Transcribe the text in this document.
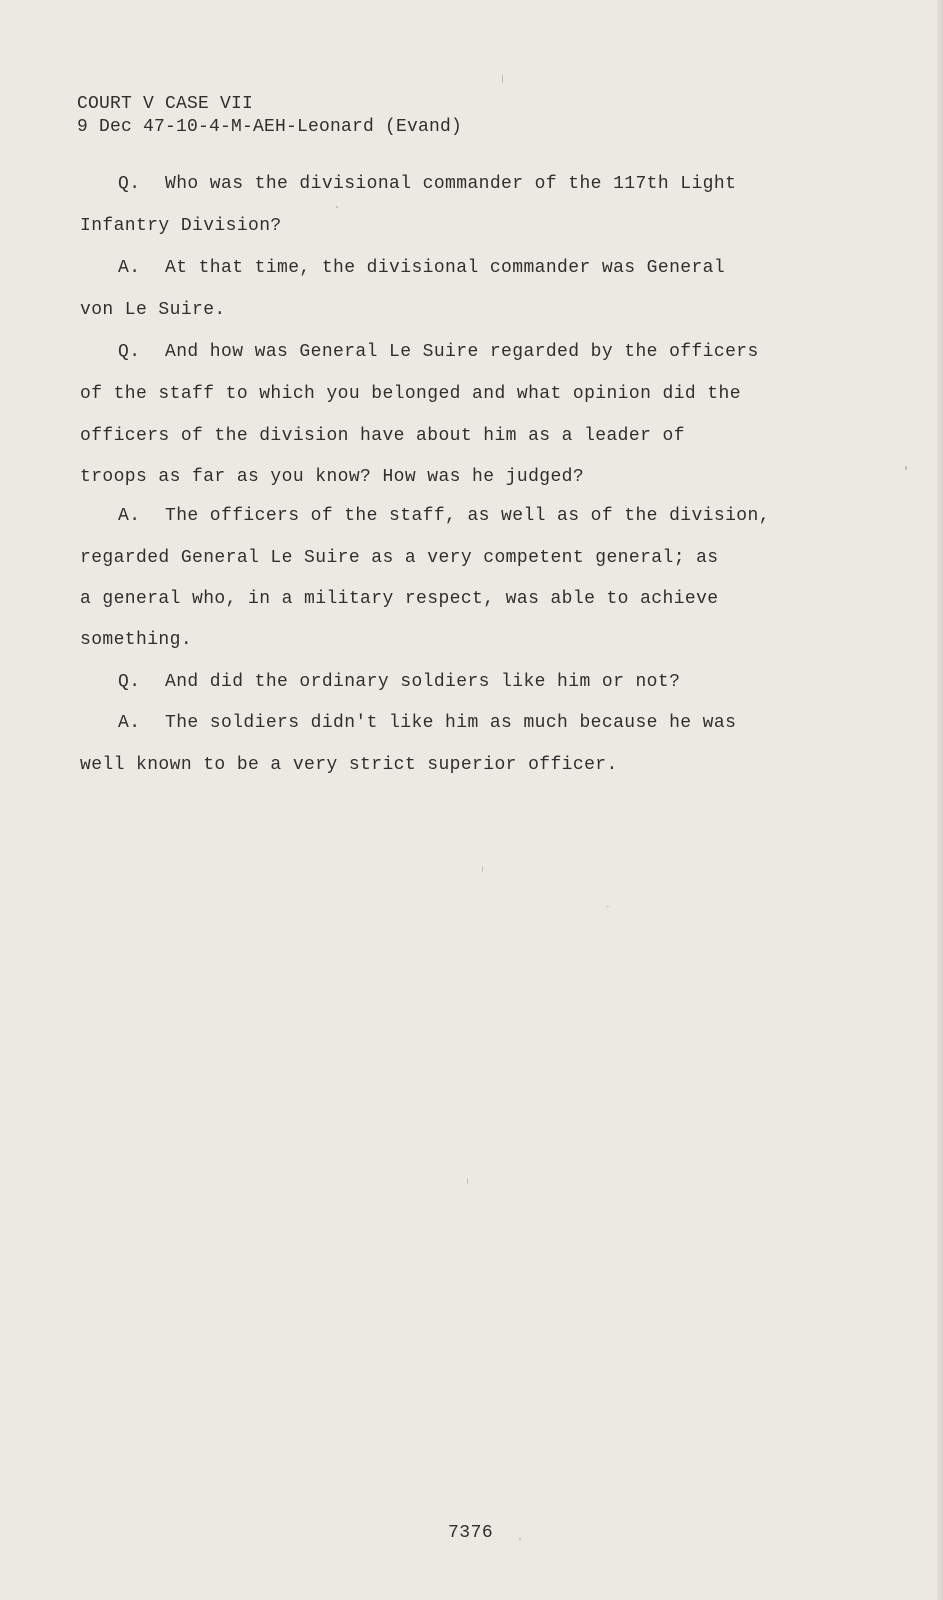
COURT V CASE VII
9 Dec 47-10-4-M-AEH-Leonard (Evand)
Q. Who was the divisional commander of the 117th Light
Infantry Division?
A. At that time, the divisional commander was General
von Le Suire.
Q. And how was General Le Suire regarded by the officers
of the staff to which you belonged and what opinion did the
officers of the division have about him as a leader of
troops as far as you know? How was he judged?
A. The officers of the staff, as well as of the division,
regarded General Le Suire as a very competent general; as
a general who, in a military respect, was able to achieve
something.
Q. And did the ordinary soldiers like him or not?
A. The soldiers didn't like him as much because he was
well known to be a very strict superior officer.
7376
